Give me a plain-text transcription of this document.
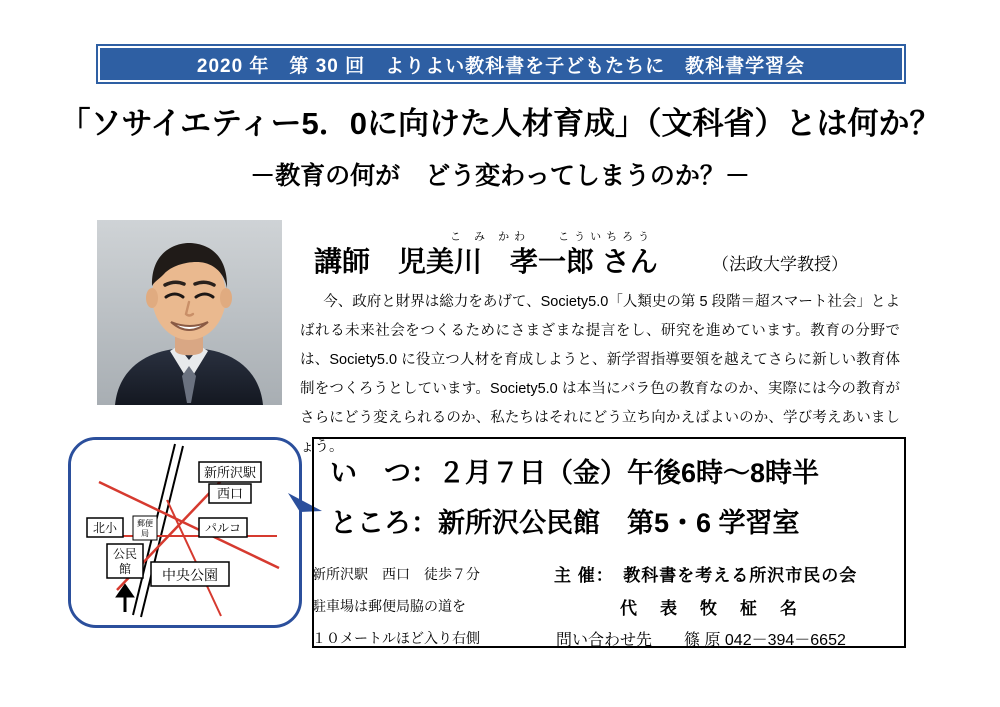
2020 年　第 30 回　よりよい教科書を子どもたちに　教科書学習会
「ソサイエティー5．0に向けた人材育成」（文科省）とは何か？
－教育の何が　どう変わってしまうのか？－
こ み かわ	こういちろう
講師　児美川　孝一郎 さん	（法政大学教授）

今、政府と財界は総力をあげて、Society5.0「人類史の第 5 段階＝超スマート社会」とよばれる未来社会をつくるためにさまざまな提言をし、研究を進めています。教育の分野では、Society5.0 に役立つ人材を育成しようと、新学習指導要領を越えてさらに新しい教育体制をつくろうとしています。Society5.0 は本当にバラ色の教育なのか、実際には今の教育がさらにどう変えられるのか、私たちはそれにどう立ち向かえばよいのか、学び考えあいましょう。

新所沢駅
西口
パルコ
北小 郵便
局
公民
館 中央公園
い　つ：２月７日（金）午後6時〜8時半
ところ：新所沢公民館　第5・6 学習室
主 催：　教科書を考える所沢市民の会
代　表　牧　柾　名
問い合わせ先　　篠 原 042－394－6652
新所沢駅　西口　徒歩７分
駐車場は郵便局脇の道を
１０メートルほど入り右側
